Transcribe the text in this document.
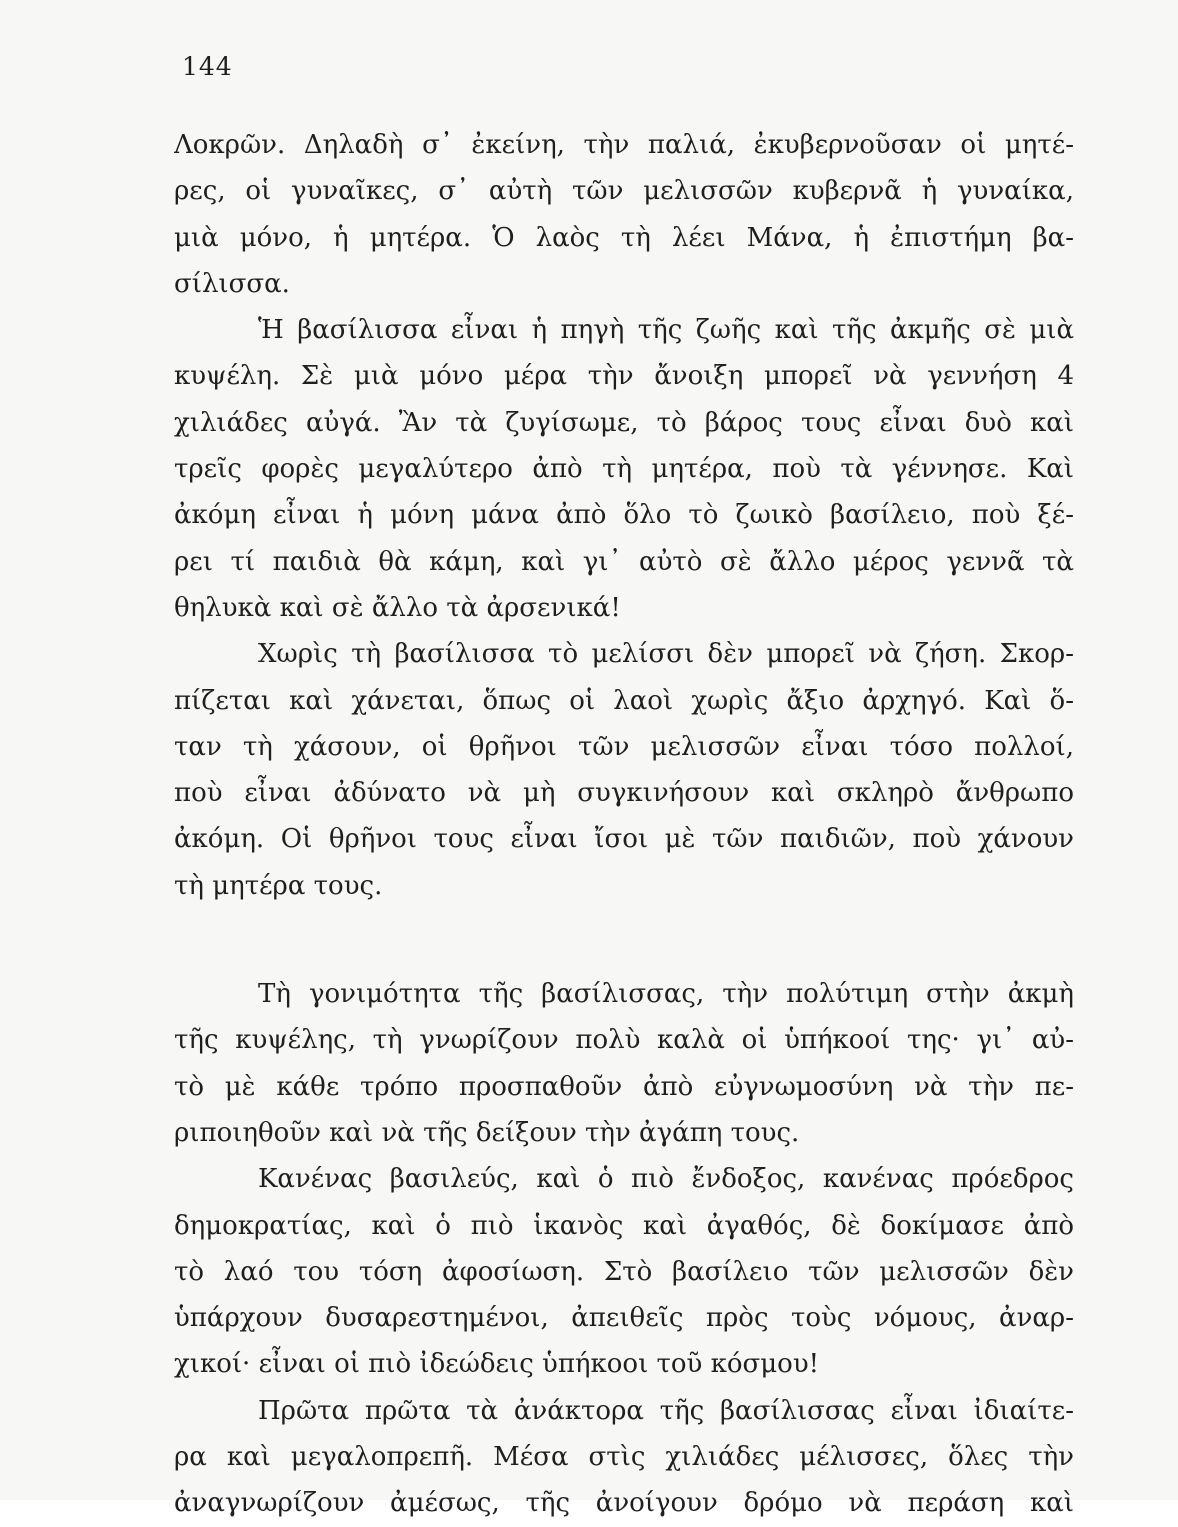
144
Λοκρῶν. Δηλαδὴ σ᾽ ἐκείνη, τὴν παλιά, ἐκυβερνοῦσαν οἱ μητέ-
ρες, οἱ γυναῖκες, σ᾽ αὐτὴ τῶν μελισσῶν κυβερνᾶ ἡ γυναίκα,
μιὰ μόνο, ἡ μητέρα. Ὁ λαὸς τὴ λέει Μάνα, ἡ ἐπιστήμη βα-
σίλισσα.
Ἡ βασίλισσα εἶναι ἡ πηγὴ τῆς ζωῆς καὶ τῆς ἀκμῆς σὲ μιὰ
κυψέλη. Σὲ μιὰ μόνο μέρα τὴν ἄνοιξη μπορεῖ νὰ γεννήση 4
χιλιάδες αὐγά. Ἂν τὰ ζυγίσωμε, τὸ βάρος τους εἶναι δυὸ καὶ
τρεῖς φορὲς μεγαλύτερο ἀπὸ τὴ μητέρα, ποὺ τὰ γέννησε. Καὶ
ἀκόμη εἶναι ἡ μόνη μάνα ἀπὸ ὅλο τὸ ζωικὸ βασίλειο, ποὺ ξέ-
ρει τί παιδιὰ θὰ κάμη, καὶ γι᾽ αὐτὸ σὲ ἄλλο μέρος γεννᾶ τὰ
θηλυκὰ καὶ σὲ ἄλλο τὰ ἀρσενικά!
Χωρὶς τὴ βασίλισσα τὸ μελίσσι δὲν μπορεῖ νὰ ζήση. Σκορ-
πίζεται καὶ χάνεται, ὅπως οἱ λαοὶ χωρὶς ἄξιο ἀρχηγό. Καὶ ὅ-
ταν τὴ χάσουν, οἱ θρῆνοι τῶν μελισσῶν εἶναι τόσο πολλοί,
ποὺ εἶναι ἀδύνατο νὰ μὴ συγκινήσουν καὶ σκληρὸ ἄνθρωπο
ἀκόμη. Οἱ θρῆνοι τους εἶναι ἴσοι μὲ τῶν παιδιῶν, ποὺ χάνουν
τὴ μητέρα τους.
Τὴ γονιμότητα τῆς βασίλισσας, τὴν πολύτιμη στὴν ἀκμὴ
τῆς κυψέλης, τὴ γνωρίζουν πολὺ καλὰ οἱ ὑπήκοοί της· γι᾽ αὐ-
τὸ μὲ κάθε τρόπο προσπαθοῦν ἀπὸ εὐγνωμοσύνη νὰ τὴν πε-
ριποιηθοῦν καὶ νὰ τῆς δείξουν τὴν ἀγάπη τους.
Κανένας βασιλεύς, καὶ ὁ πιὸ ἔνδοξος, κανένας πρόεδρος
δημοκρατίας, καὶ ὁ πιὸ ἱκανὸς καὶ ἀγαθός, δὲ δοκίμασε ἀπὸ
τὸ λαό του τόση ἀφοσίωση. Στὸ βασίλειο τῶν μελισσῶν δὲν
ὑπάρχουν δυσαρεστημένοι, ἀπειθεῖς πρὸς τοὺς νόμους, ἀναρ-
χικοί· εἶναι οἱ πιὸ ἰδεώδεις ὑπήκοοι τοῦ κόσμου!
Πρῶτα πρῶτα τὰ ἀνάκτορα τῆς βασίλισσας εἶναι ἰδιαίτε-
ρα καὶ μεγαλοπρεπῆ. Μέσα στὶς χιλιάδες μέλισσες, ὅλες τὴν
ἀναγνωρίζουν ἀμέσως, τῆς ἀνοίγουν δρόμο νὰ περάση καὶ
